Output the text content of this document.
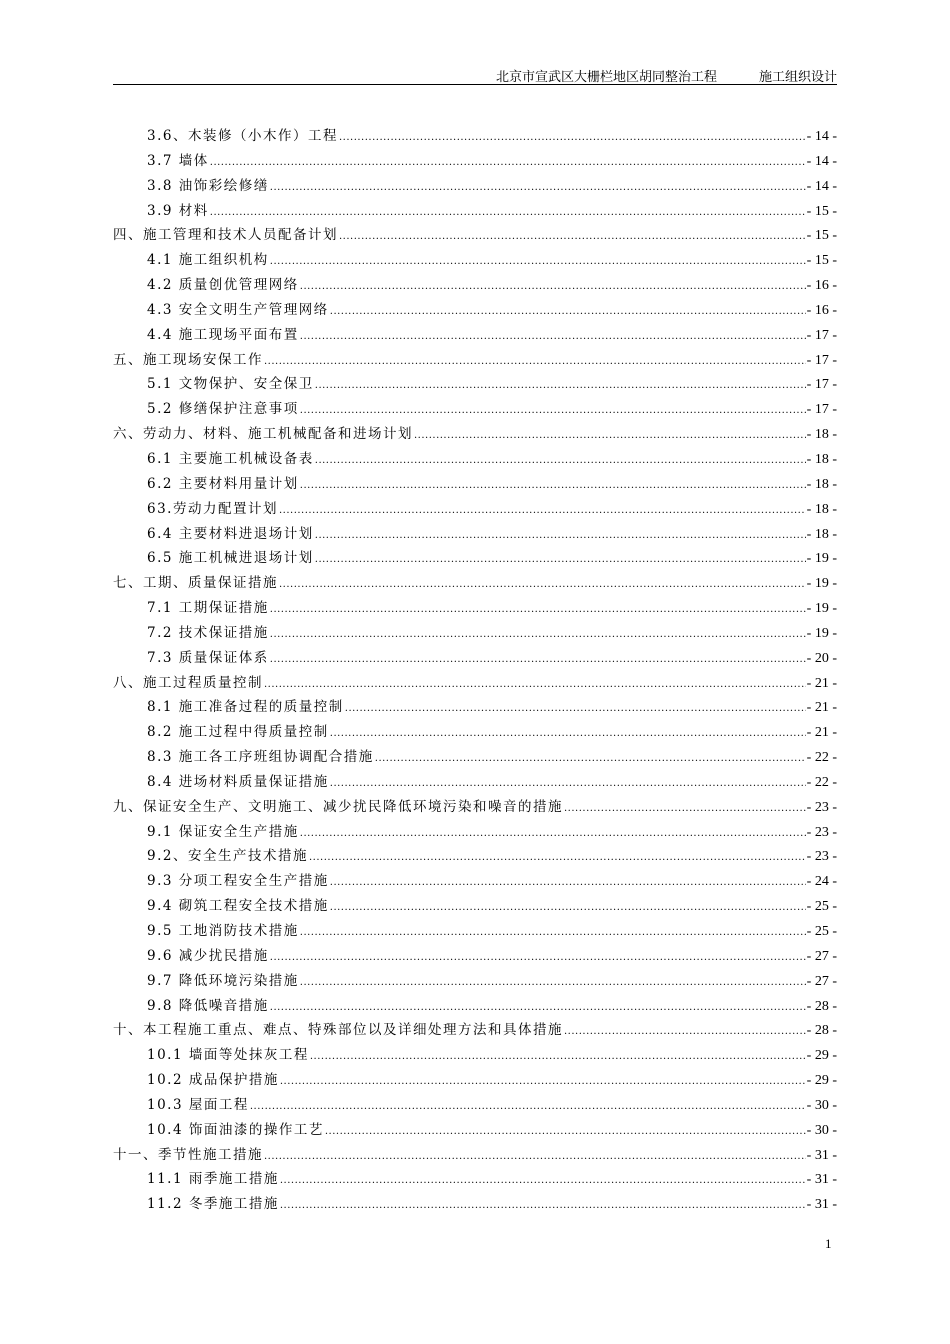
北京市宣武区大栅栏地区胡同整治工程	施工组织设计
3.6、木装修（小木作）工程 .....	- 14 -
3.7 墙体 .....	- 14 -
3.8 油饰彩绘修缮 .....	- 14 -
3.9 材料 .....	- 15 -
四、施工管理和技术人员配备计划 .....	- 15 -
4.1 施工组织机构 .....	- 15 -
4.2 质量创优管理网络 .....	- 16 -
4.3 安全文明生产管理网络 .....	- 16 -
4.4 施工现场平面布置 .....	- 17 -
五、施工现场安保工作 .....	- 17 -
5.1 文物保护、安全保卫 .....	- 17 -
5.2 修缮保护注意事项 .....	- 17 -
六、劳动力、材料、施工机械配备和进场计划 .....	- 18 -
6.1 主要施工机械设备表 .....	- 18 -
6.2 主要材料用量计划 .....	- 18 -
63.劳动力配置计划 .....	- 18 -
6.4 主要材料进退场计划 .....	- 18 -
6.5 施工机械进退场计划 .....	- 19 -
七、工期、质量保证措施 .....	- 19 -
7.1 工期保证措施 .....	- 19 -
7.2 技术保证措施 .....	- 19 -
7.3 质量保证体系 .....	- 20 -
八、施工过程质量控制 .....	- 21 -
8.1 施工准备过程的质量控制 .....	- 21 -
8.2 施工过程中得质量控制 .....	- 21 -
8.3 施工各工序班组协调配合措施 .....	- 22 -
8.4 进场材料质量保证措施 .....	- 22 -
九、保证安全生产、文明施工、减少扰民降低环境污染和噪音的措施 .....	- 23 -
9.1 保证安全生产措施 .....	- 23 -
9.2、安全生产技术措施 .....	- 23 -
9.3 分项工程安全生产措施 .....	- 24 -
9.4 砌筑工程安全技术措施 .....	- 25 -
9.5 工地消防技术措施 .....	- 25 -
9.6 减少扰民措施 .....	- 27 -
9.7 降低环境污染措施 .....	- 27 -
9.8 降低噪音措施 .....	- 28 -
十、本工程施工重点、难点、特殊部位以及详细处理方法和具体措施 .....	- 28 -
10.1 墙面等处抹灰工程 .....	- 29 -
10.2 成品保护措施 .....	- 29 -
10.3 屋面工程 .....	- 30 -
10.4 饰面油漆的操作工艺 .....	- 30 -
十一、季节性施工措施 .....	- 31 -
11.1 雨季施工措施 .....	- 31 -
11.2 冬季施工措施 .....	- 31 -
1
